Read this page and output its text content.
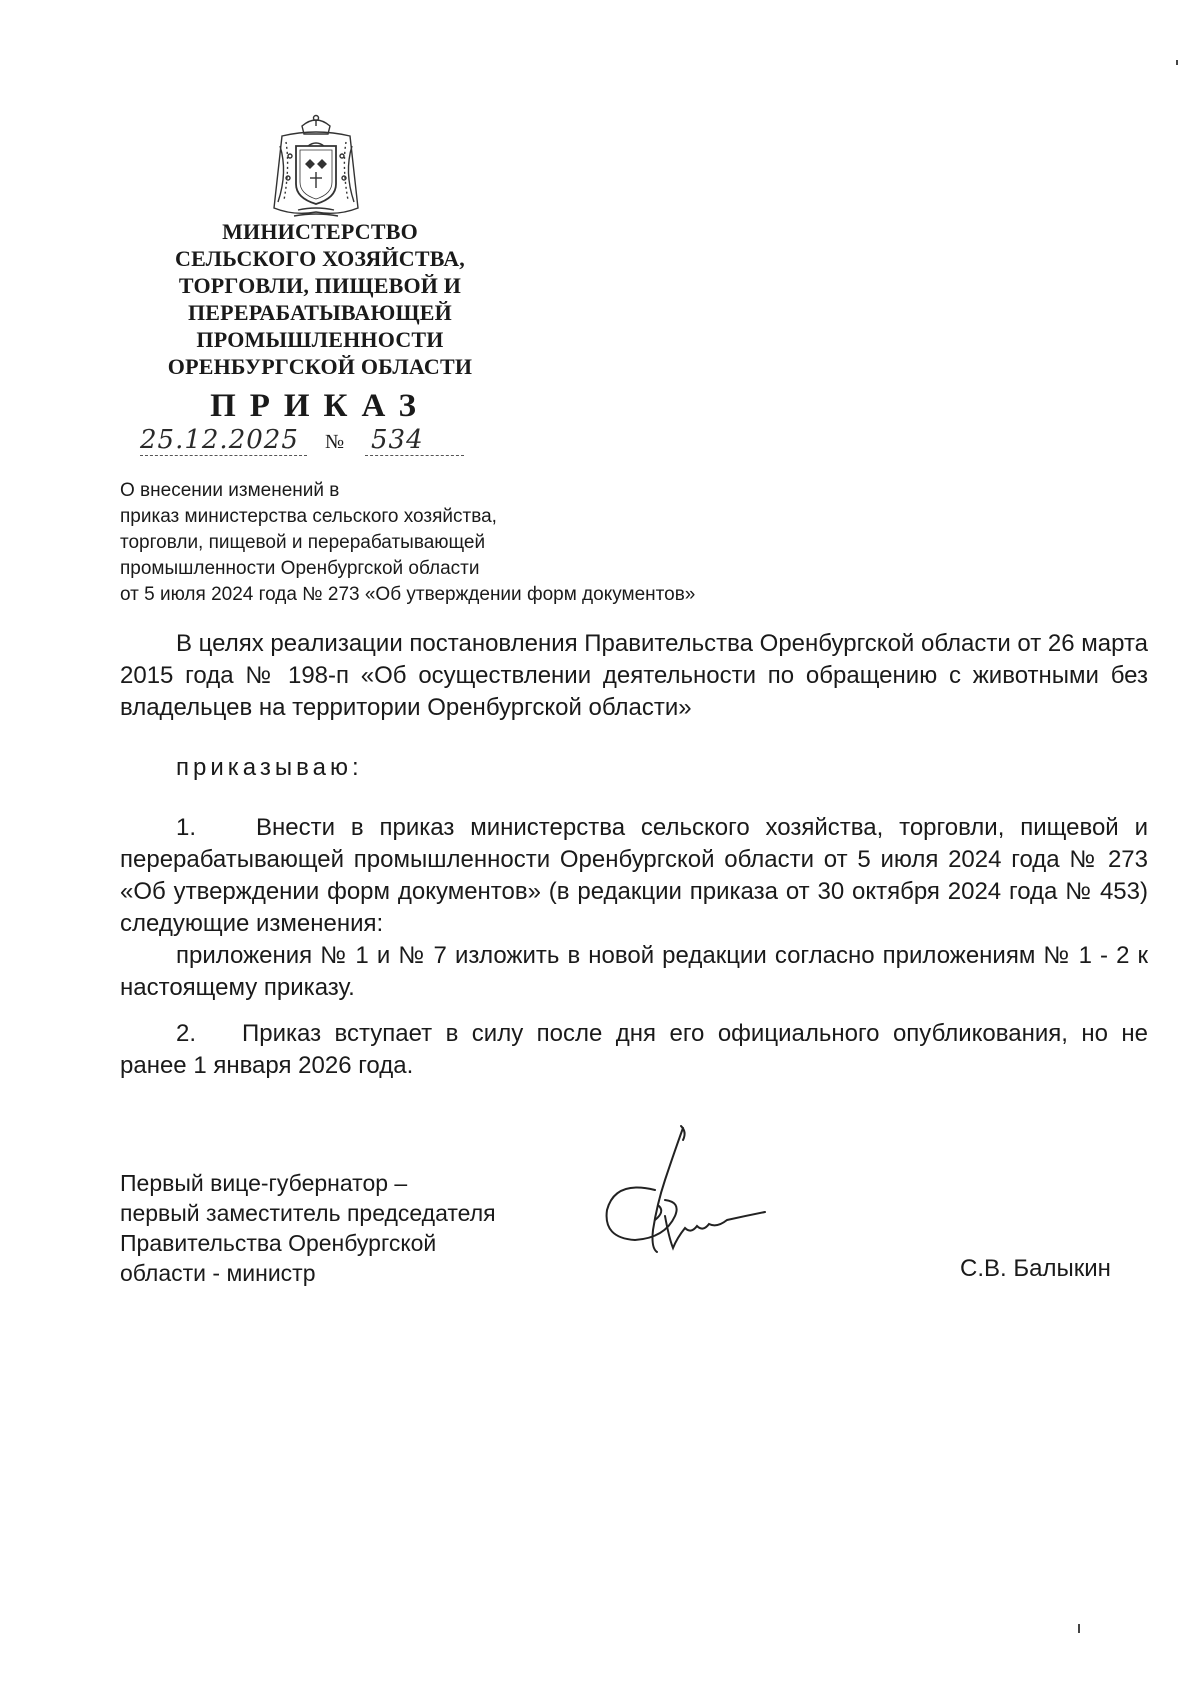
МИНИСТЕРСТВО
СЕЛЬСКОГО ХОЗЯЙСТВА,
ТОРГОВЛИ, ПИЩЕВОЙ И
ПЕРЕРАБАТЫВАЮЩЕЙ
ПРОМЫШЛЕННОСТИ
ОРЕНБУРГСКОЙ ОБЛАСТИ
ПРИКАЗ
25.12.2025	№ 534
О внесении изменений в
приказ министерства сельского хозяйства,
торговли, пищевой и перерабатывающей
промышленности Оренбургской области
от 5 июля 2024 года № 273 «Об утверждении форм документов»
В целях реализации постановления Правительства Оренбургской области от 26 марта 2015 года № 198-п «Об осуществлении деятельности по обращению с животными без владельцев на территории Оренбургской области»
приказываю:
1. Внести в приказ министерства сельского хозяйства, торговли, пищевой и перерабатывающей промышленности Оренбургской области от 5 июля 2024 года № 273 «Об утверждении форм документов» (в редакции приказа от 30 октября 2024 года № 453) следующие изменения:
приложения № 1 и № 7 изложить в новой редакции согласно приложениям № 1 - 2 к настоящему приказу.
2. Приказ вступает в силу после дня его официального опубликования, но не ранее 1 января 2026 года.
Первый вице-губернатор –
первый заместитель председателя
Правительства Оренбургской
области - министр	С.В. Балыкин
